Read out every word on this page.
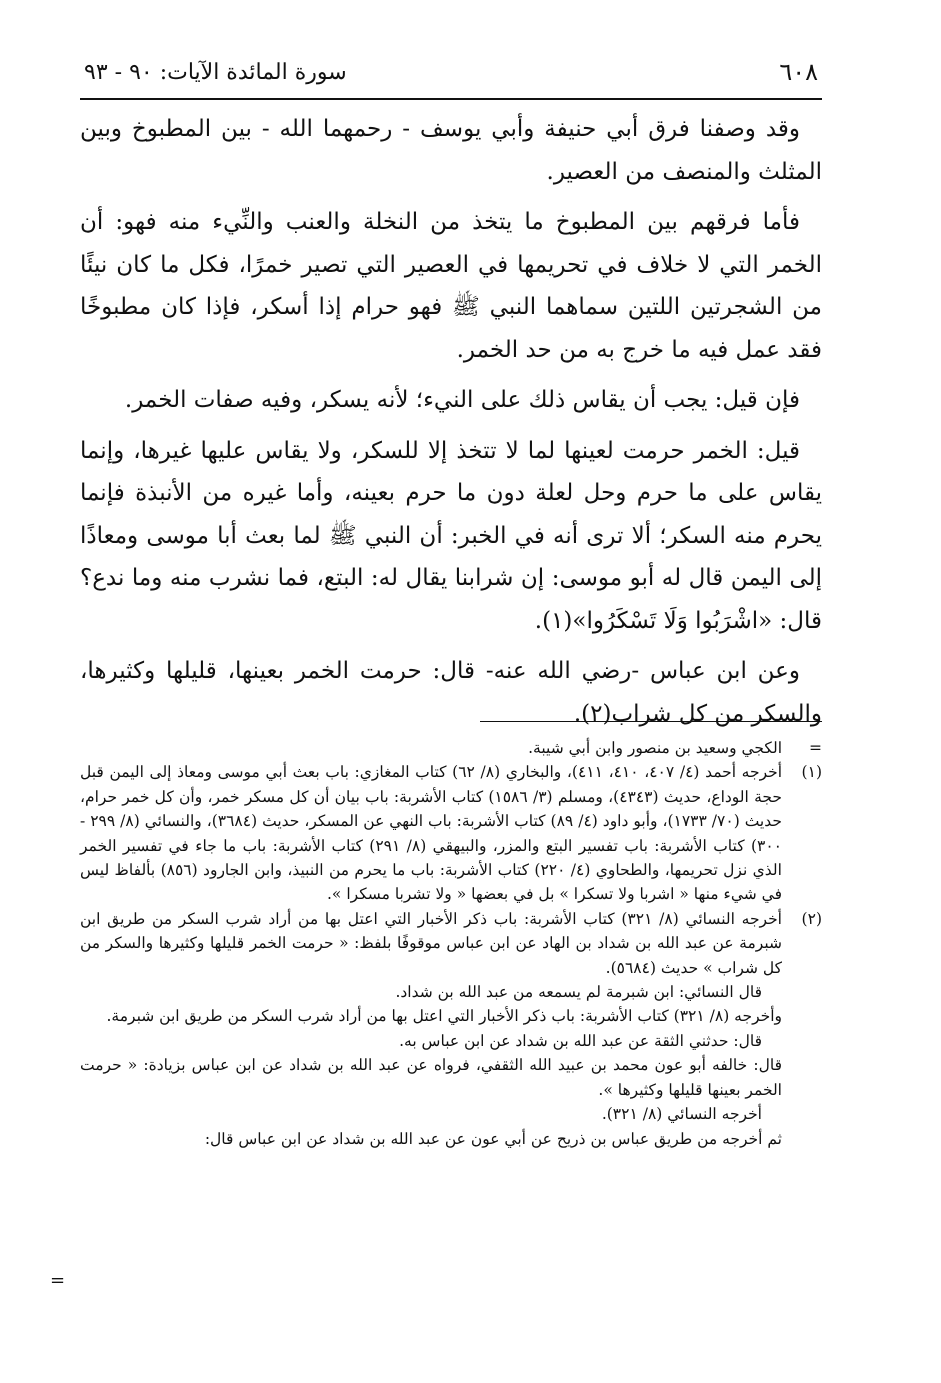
٦٠٨
سورة المائدة الآيات: ٩٠ - ٩٣

وقد وصفنا فرق أبي حنيفة وأبي يوسف - رحمهما الله - بين المطبوخ وبين المثلث والمنصف من العصير.

فأما فرقهم بين المطبوخ ما يتخذ من النخلة والعنب والنِّيء منه فهو: أن الخمر التي لا خلاف في تحريمها في العصير التي تصير خمرًا، فكل ما كان نيئًا من الشجرتين اللتين سماهما النبي ﷺ فهو حرام إذا أسكر، فإذا كان مطبوخًا فقد عمل فيه ما خرج به من حد الخمر.

فإن قيل: يجب أن يقاس ذلك على النيء؛ لأنه يسكر، وفيه صفات الخمر.

قيل: الخمر حرمت لعينها لما لا تتخذ إلا للسكر، ولا يقاس عليها غيرها، وإنما يقاس على ما حرم وحل لعلة دون ما حرم بعينه، وأما غيره من الأنبذة فإنما يحرم منه السكر؛ ألا ترى أنه في الخبر: أن النبي ﷺ لما بعث أبا موسى ومعاذًا إلى اليمن قال له أبو موسى: إن شرابنا يقال له: البتع، فما نشرب منه وما ندع؟ قال: «اشْرَبُوا وَلَا تَسْكَرُوا»(١).

وعن ابن عباس -رضي الله عنه- قال: حرمت الخمر بعينها، قليلها وكثيرها، والسكر من كل شراب(٢).

=
الكجي وسعيد بن منصور وابن أبي شيبة.
(١)
أخرجه أحمد (٤/ ٤٠٧، ٤١٠، ٤١١)، والبخاري (٨/ ٦٢) كتاب المغازي: باب بعث أبي موسى ومعاذ إلى اليمن قبل حجة الوداع، حديث (٤٣٤٣)، ومسلم (٣/ ١٥٨٦) كتاب الأشربة: باب بيان أن كل مسكر خمر، وأن كل خمر حرام، حديث (٧٠/ ١٧٣٣)، وأبو داود (٤/ ٨٩) كتاب الأشربة: باب النهي عن المسكر، حديث (٣٦٨٤)، والنسائي (٨/ ٢٩٩ - ٣٠٠) كتاب الأشربة: باب تفسير البتع والمزر، والبيهقي (٨/ ٢٩١) كتاب الأشربة: باب ما جاء في تفسير الخمر الذي نزل تحريمها، والطحاوي (٤/ ٢٢٠) كتاب الأشربة: باب ما يحرم من النبيذ، وابن الجارود (٨٥٦) بألفاظ ليس في شيء منها « اشربا ولا تسكرا » بل في بعضها « ولا تشربا مسكرا ».
(٢)
أخرجه النسائي (٨/ ٣٢١) كتاب الأشربة: باب ذكر الأخبار التي اعتل بها من أراد شرب السكر من طريق ابن شبرمة عن عبد الله بن شداد بن الهاد عن ابن عباس موقوفًا بلفظ: « حرمت الخمر قليلها وكثيرها والسكر من كل شراب » حديث (٥٦٨٤).
قال النسائي: ابن شبرمة لم يسمعه من عبد الله بن شداد.
وأخرجه (٨/ ٣٢١) كتاب الأشربة: باب ذكر الأخبار التي اعتل بها من أراد شرب السكر من طريق ابن شبرمة.
قال: حدثني الثقة عن عبد الله بن شداد عن ابن عباس به.
قال: خالفه أبو عون محمد بن عبيد الله الثقفي، فرواه عن عبد الله بن شداد عن ابن عباس بزيادة: « حرمت الخمر بعينها قليلها وكثيرها ».
أخرجه النسائي (٨/ ٣٢١).
ثم أخرجه من طريق عباس بن ذريح عن أبي عون عن عبد الله بن شداد عن ابن عباس قال:
=
